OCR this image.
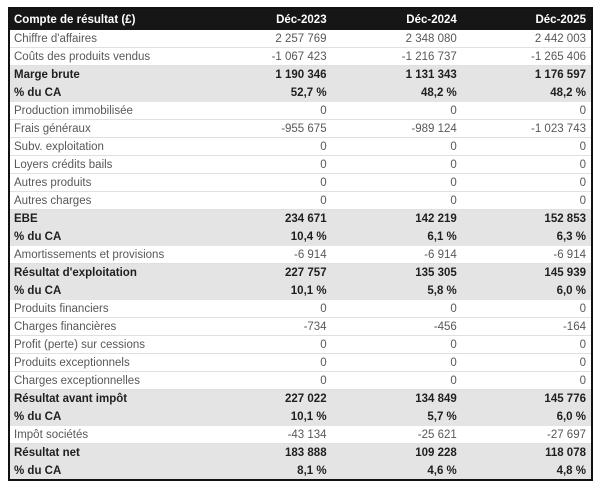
Compte de résultat (£)	Déc-2023	Déc-2024	Déc-2025
Chiffre d'affaires	2 257 769	2 348 080	2 442 003
Coûts des produits vendus	-1 067 423	-1 216 737	-1 265 406
Marge brute	1 190 346	1 131 343	1 176 597
% du CA	52,7 %	48,2 %	48,2 %
Production immobilisée	0	0	0
Frais généraux	-955 675	-989 124	-1 023 743
Subv. exploitation	0	0	0
Loyers crédits bails	0	0	0
Autres produits	0	0	0
Autres charges	0	0	0
EBE	234 671	142 219	152 853
% du CA	10,4 %	6,1 %	6,3 %
Amortissements et provisions	-6 914	-6 914	-6 914
Résultat d'exploitation	227 757	135 305	145 939
% du CA	10,1 %	5,8 %	6,0 %
Produits financiers	0	0	0
Charges financières	-734	-456	-164
Profit (perte) sur cessions	0	0	0
Produits exceptionnels	0	0	0
Charges exceptionnelles	0	0	0
Résultat avant impôt	227 022	134 849	145 776
% du CA	10,1 %	5,7 %	6,0 %
Impôt sociétés	-43 134	-25 621	-27 697
Résultat net	183 888	109 228	118 078
% du CA	8,1 %	4,6 %	4,8 %
